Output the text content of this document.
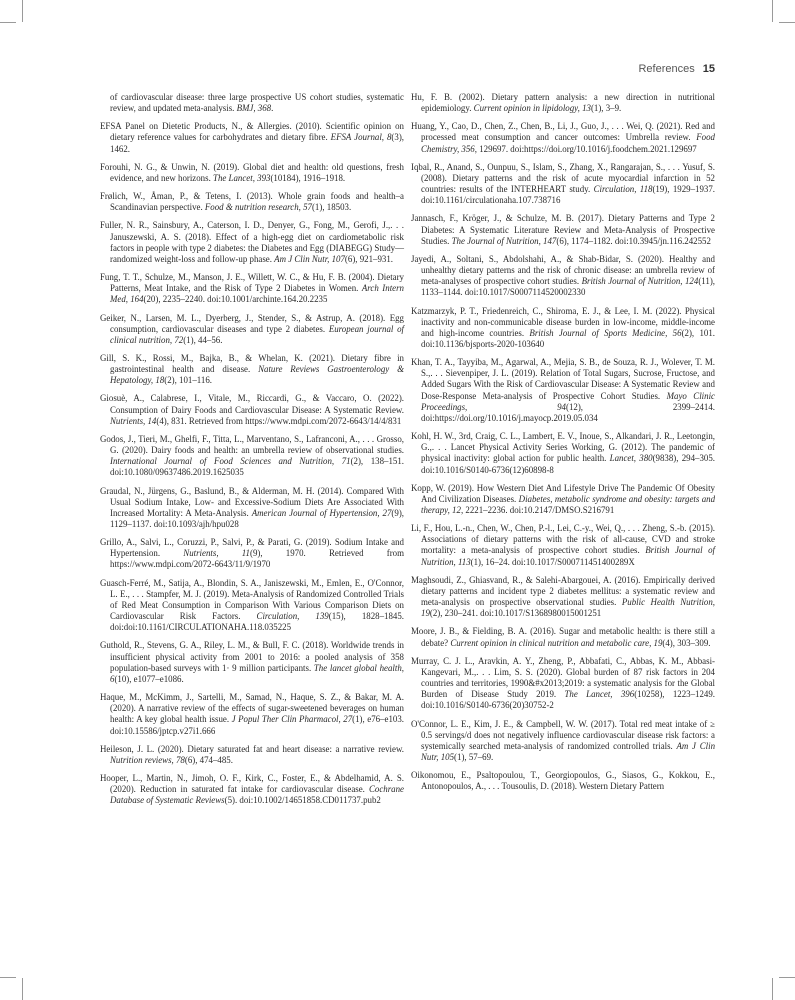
References 15

of cardiovascular disease: three large prospective US cohort studies, systematic review, and updated meta-analysis. BMJ, 368.

EFSA Panel on Dietetic Products, N., & Allergies. (2010). Scientific opinion on dietary reference values for carbohydrates and dietary fibre. EFSA Journal, 8(3), 1462.

Forouhi, N. G., & Unwin, N. (2019). Global diet and health: old questions, fresh evidence, and new horizons. The Lancet, 393(10184), 1916–1918.

Frølich, W., Åman, P., & Tetens, I. (2013). Whole grain foods and health–a Scandinavian perspective. Food & nutrition research, 57(1), 18503.

Fuller, N. R., Sainsbury, A., Caterson, I. D., Denyer, G., Fong, M., Gerofi, J.,. . . Januszewski, A. S. (2018). Effect of a high-egg diet on cardiometabolic risk factors in people with type 2 diabetes: the Diabetes and Egg (DIABEGG) Study—randomized weight-loss and follow-up phase. Am J Clin Nutr, 107(6), 921–931.

Fung, T. T., Schulze, M., Manson, J. E., Willett, W. C., & Hu, F. B. (2004). Dietary Patterns, Meat Intake, and the Risk of Type 2 Diabetes in Women. Arch Intern Med, 164(20), 2235–2240. doi:10.1001/archinte.164.20.2235

Geiker, N., Larsen, M. L., Dyerberg, J., Stender, S., & Astrup, A. (2018). Egg consumption, cardiovascular diseases and type 2 diabetes. European journal of clinical nutrition, 72(1), 44–56.

Gill, S. K., Rossi, M., Bajka, B., & Whelan, K. (2021). Dietary fibre in gastrointestinal health and disease. Nature Reviews Gastroenterology & Hepatology, 18(2), 101–116.

Giosuè, A., Calabrese, I., Vitale, M., Riccardi, G., & Vaccaro, O. (2022). Consumption of Dairy Foods and Cardiovascular Disease: A Systematic Review. Nutrients, 14(4), 831. Retrieved from https://www.mdpi.com/2072-6643/14/4/831

Godos, J., Tieri, M., Ghelfi, F., Titta, L., Marventano, S., Lafranconi, A., . . . Grosso, G. (2020). Dairy foods and health: an umbrella review of observational studies. International Journal of Food Sciences and Nutrition, 71(2), 138–151. doi:10.1080/09637486.2019.1625035

Graudal, N., Jürgens, G., Baslund, B., & Alderman, M. H. (2014). Compared With Usual Sodium Intake, Low- and Excessive-Sodium Diets Are Associated With Increased Mortality: A Meta-Analysis. American Journal of Hypertension, 27(9), 1129–1137. doi:10.1093/ajh/hpu028

Grillo, A., Salvi, L., Coruzzi, P., Salvi, P., & Parati, G. (2019). Sodium Intake and Hypertension. Nutrients, 11(9), 1970. Retrieved from https://www.mdpi.com/2072-6643/11/9/1970

Guasch-Ferré, M., Satija, A., Blondin, S. A., Janiszewski, M., Emlen, E., O'Connor, L. E., . . . Stampfer, M. J. (2019). Meta-Analysis of Randomized Controlled Trials of Red Meat Consumption in Comparison With Various Comparison Diets on Cardiovascular Risk Factors. Circulation, 139(15), 1828–1845. doi:doi:10.1161/CIRCULATIONAHA.118.035225

Guthold, R., Stevens, G. A., Riley, L. M., & Bull, F. C. (2018). Worldwide trends in insufficient physical activity from 2001 to 2016: a pooled analysis of 358 population-based surveys with 1· 9 million participants. The lancet global health, 6(10), e1077–e1086.

Haque, M., McKimm, J., Sartelli, M., Samad, N., Haque, S. Z., & Bakar, M. A. (2020). A narrative review of the effects of sugar-sweetened beverages on human health: A key global health issue. J Popul Ther Clin Pharmacol, 27(1), e76–e103. doi:10.15586/jptcp.v27i1.666

Heileson, J. L. (2020). Dietary saturated fat and heart disease: a narrative review. Nutrition reviews, 78(6), 474–485.

Hooper, L., Martin, N., Jimoh, O. F., Kirk, C., Foster, E., & Abdelhamid, A. S. (2020). Reduction in saturated fat intake for cardiovascular disease. Cochrane Database of Systematic Reviews(5). doi:10.1002/14651858.CD011737.pub2

Hu, F. B. (2002). Dietary pattern analysis: a new direction in nutritional epidemiology. Current opinion in lipidology, 13(1), 3–9.

Huang, Y., Cao, D., Chen, Z., Chen, B., Li, J., Guo, J., . . . Wei, Q. (2021). Red and processed meat consumption and cancer outcomes: Umbrella review. Food Chemistry, 356, 129697. doi:https://doi.org/10.1016/j.foodchem.2021.129697

Iqbal, R., Anand, S., Ounpuu, S., Islam, S., Zhang, X., Rangarajan, S., . . . Yusuf, S. (2008). Dietary patterns and the risk of acute myocardial infarction in 52 countries: results of the INTERHEART study. Circulation, 118(19), 1929–1937. doi:10.1161/circulationaha.107.738716

Jannasch, F., Kröger, J., & Schulze, M. B. (2017). Dietary Patterns and Type 2 Diabetes: A Systematic Literature Review and Meta-Analysis of Prospective Studies. The Journal of Nutrition, 147(6), 1174–1182. doi:10.3945/jn.116.242552

Jayedi, A., Soltani, S., Abdolshahi, A., & Shab-Bidar, S. (2020). Healthy and unhealthy dietary patterns and the risk of chronic disease: an umbrella review of meta-analyses of prospective cohort studies. British Journal of Nutrition, 124(11), 1133–1144. doi:10.1017/S0007114520002330

Katzmarzyk, P. T., Friedenreich, C., Shiroma, E. J., & Lee, I. M. (2022). Physical inactivity and non-communicable disease burden in low-income, middle-income and high-income countries. British Journal of Sports Medicine, 56(2), 101. doi:10.1136/bjsports-2020-103640

Khan, T. A., Tayyiba, M., Agarwal, A., Mejia, S. B., de Souza, R. J., Wolever, T. M. S.,. . . Sievenpiper, J. L. (2019). Relation of Total Sugars, Sucrose, Fructose, and Added Sugars With the Risk of Cardiovascular Disease: A Systematic Review and Dose-Response Meta-analysis of Prospective Cohort Studies. Mayo Clinic Proceedings, 94(12), 2399–2414. doi:https://doi.org/10.1016/j.mayocp.2019.05.034

Kohl, H. W., 3rd, Craig, C. L., Lambert, E. V., Inoue, S., Alkandari, J. R., Leetongin, G.,. . . Lancet Physical Activity Series Working, G. (2012). The pandemic of physical inactivity: global action for public health. Lancet, 380(9838), 294–305. doi:10.1016/S0140-6736(12)60898-8

Kopp, W. (2019). How Western Diet And Lifestyle Drive The Pandemic Of Obesity And Civilization Diseases. Diabetes, metabolic syndrome and obesity: targets and therapy, 12, 2221–2236. doi:10.2147/DMSO.S216791

Li, F., Hou, L.-n., Chen, W., Chen, P.-l., Lei, C.-y., Wei, Q., . . . Zheng, S.-b. (2015). Associations of dietary patterns with the risk of all-cause, CVD and stroke mortality: a meta-analysis of prospective cohort studies. British Journal of Nutrition, 113(1), 16–24. doi:10.1017/S000711451400289X

Maghsoudi, Z., Ghiasvand, R., & Salehi-Abargouei, A. (2016). Empirically derived dietary patterns and incident type 2 diabetes mellitus: a systematic review and meta-analysis on prospective observational studies. Public Health Nutrition, 19(2), 230–241. doi:10.1017/S1368980015001251

Moore, J. B., & Fielding, B. A. (2016). Sugar and metabolic health: is there still a debate? Current opinion in clinical nutrition and metabolic care, 19(4), 303–309.

Murray, C. J. L., Aravkin, A. Y., Zheng, P., Abbafati, C., Abbas, K. M., Abbasi-Kangevari, M.,. . . Lim, S. S. (2020). Global burden of 87 risk factors in 204 countries and territories, 1990&#x2013;2019: a systematic analysis for the Global Burden of Disease Study 2019. The Lancet, 396(10258), 1223–1249. doi:10.1016/S0140-6736(20)30752-2

O'Connor, L. E., Kim, J. E., & Campbell, W. W. (2017). Total red meat intake of ≥ 0.5 servings/d does not negatively influence cardiovascular disease risk factors: a systemically searched meta-analysis of randomized controlled trials. Am J Clin Nutr, 105(1), 57–69.

Oikonomou, E., Psaltopoulou, T., Georgiopoulos, G., Siasos, G., Kokkou, E., Antonopoulos, A., . . . Tousoulis, D. (2018). Western Dietary Pattern
